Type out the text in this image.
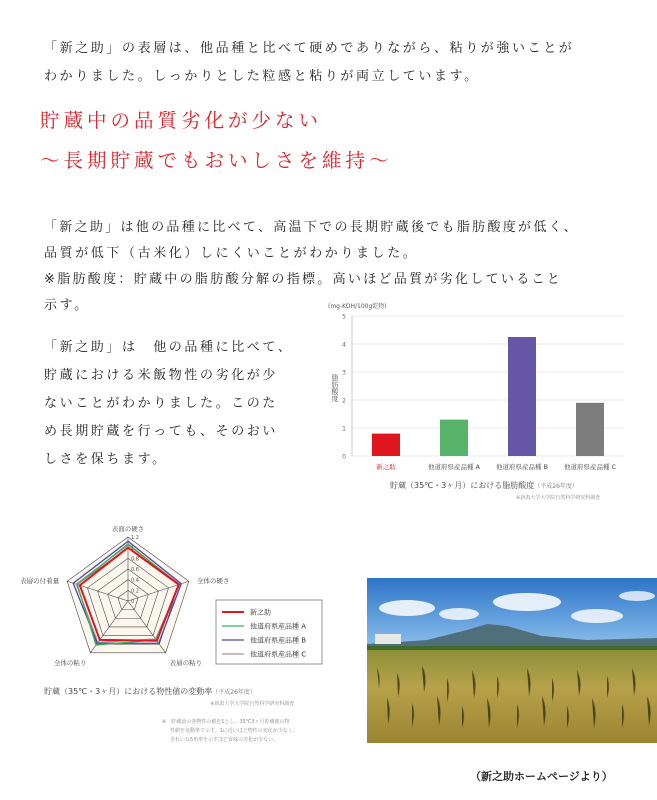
「新之助」の表層は、他品種と比べて硬めでありながら、粘りが強いことが

わかりました。しっかりとした粒感と粘りが両立しています。

貯蔵中の品質劣化が少ない
〜長期貯蔵でもおいしさを維持〜

「新之助」は他の品種に比べて、高温下での長期貯蔵後でも脂肪酸度が低く、

品質が低下（古米化）しにくいことがわかりました。

※脂肪酸度：貯蔵中の脂肪酸分解の指標。高いほど品質が劣化していること

示す。

「新之助」は　他の品種に比べて、

貯蔵における米飯物性の劣化が少

ないことがわかりました。このた

め長期貯蔵を行っても、そのおい

しさを保ちます。

(mg-KOH/100g乾物)
脂肪酸度
0
1
2
3
4
5
新之助	他道府県産品種 A 他道府県産品種 B 他道府県産品種 C
貯蔵（35℃・3ヶ月）における脂肪酸度（平成26年度）
※新潟大学大学院自然科学研究科調査
表面の硬さ
全体の硬さ
表層の粘り
全体の粘り
表層の付着量
1.2
1
0.8
0.6
0.4
0.2
0
新之助
他道府県産品種 A
他道府県産品種 B
他道府県産品種 C
貯蔵（35℃・3ヶ月）における物性値の変動率（平成26年度）
※新潟大学大学院自然科学研究科調査
※　貯蔵前の各物性の値を1とし、35℃3ヶ月貯蔵後の物
性値を変動率で示す。1に近いほど物性の変化が少なく、
きれいな5角形を示すほど食味の劣化が少ない。
（新之助ホームページより）
